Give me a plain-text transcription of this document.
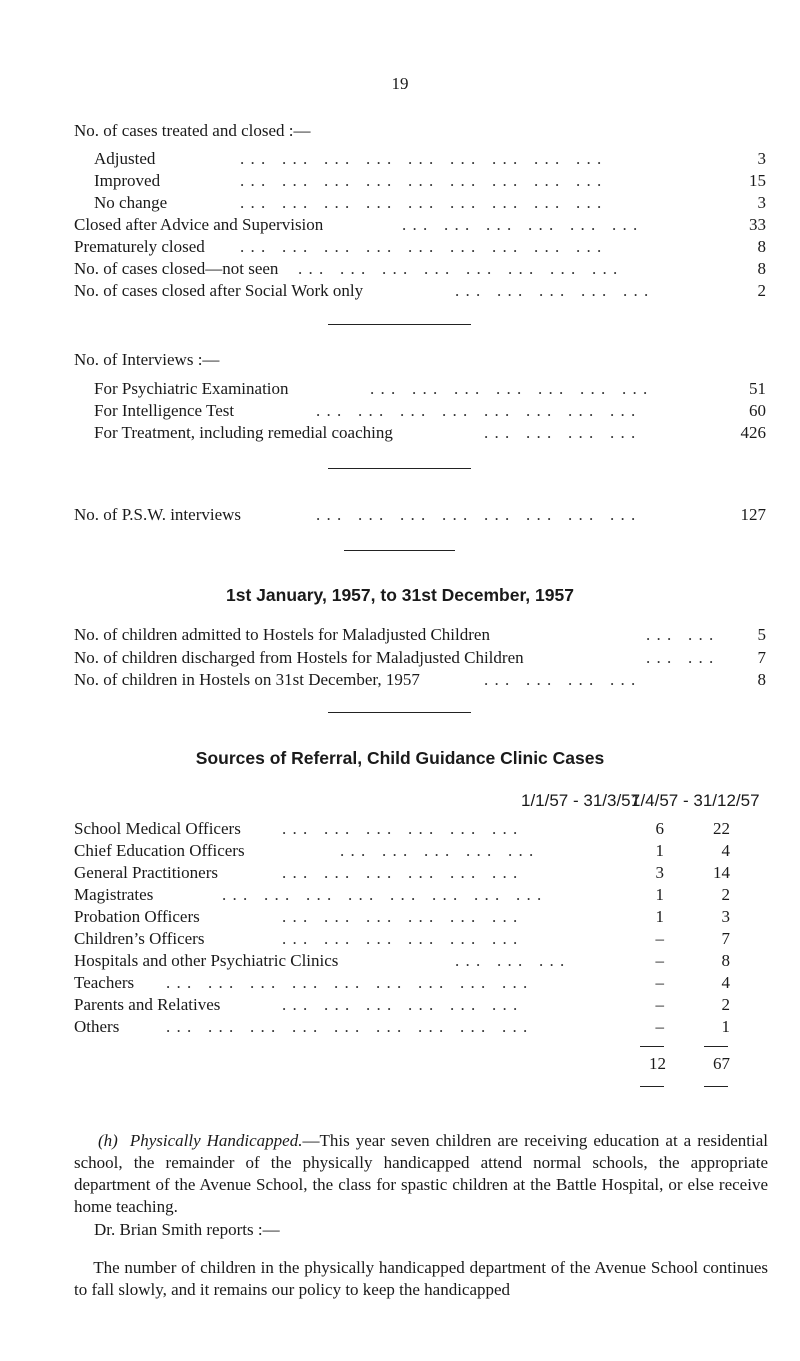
19
No. of cases treated and closed :—
Adjusted	. . .   . . .   . . .   . . .   . . .   . . .   . . .   . . .   . . .	3
Improved	. . .   . . .   . . .   . . .   . . .   . . .   . . .   . . .   . . .	15
No change	. . .   . . .   . . .   . . .   . . .   . . .   . . .   . . .   . . .	3
Closed after Advice and Supervision	. . .   . . .   . . .   . . .   . . .   . . .	33
Prematurely closed . . .   . . .   . . .   . . .   . . .   . . .   . . .   . . .   . . .	8
No. of cases closed—not seen . . .   . . .   . . .   . . .   . . .   . . .   . . .   . . .	8
No. of cases closed after Social Work only	. . .   . . .   . . .   . . .   . . .	2
No. of Interviews :—
For Psychiatric Examination	. . .   . . .   . . .   . . .   . . .   . . .   . . .	51
For Intelligence Test	. . .   . . .   . . .   . . .   . . .   . . .   . . .   . . .	60
For Treatment, including remedial coaching	. . .   . . .   . . .   . . .	426
No. of P.S.W. interviews	. . .   . . .   . . .   . . .   . . .   . . .   . . .   . . .	127
1st January, 1957, to 31st December, 1957
No. of children admitted to Hostels for Maladjusted Children	. . .   . . .	5
No. of children discharged from Hostels for Maladjusted Children	. . .   . . .	7
No. of children in Hostels on 31st December, 1957	. . .   . . .   . . .   . . .	8
Sources of Referral, Child Guidance Clinic Cases
1/1/57 - 31/3/57
1/4/57 - 31/12/57
School Medical Officers . . .   . . .   . . .   . . .   . . .   . . .	6	22
Chief Education Officers	. . .   . . .   . . .   . . .   . . .	1	4
General Practitioners	. . .   . . .   . . .   . . .   . . .   . . .	3	14
Magistrates	. . .   . . .   . . .   . . .   . . .   . . .   . . .   . . .	1	2
Probation Officers	. . .   . . .   . . .   . . .   . . .   . . .	1	3
Children’s Officers	. . .   . . .   . . .   . . .   . . .   . . .	–	7
Hospitals and other Psychiatric Clinics	. . .   . . .   . . .	–	8
Teachers . . .   . . .   . . .   . . .   . . .   . . .   . . .   . . .   . . .	–	4
Parents and Relatives	. . .   . . .   . . .   . . .   . . .   . . .	–	2
Others	. . .   . . .   . . .   . . .   . . .   . . .   . . .   . . .   . . .	–	1
12	67
(h) Physically Handicapped.—This year seven children are receiving education at a residential school, the remainder of the physically handicapped attend normal schools, the appropriate department of the Avenue School, the class for spastic children at the Battle Hospital, or else receive home teaching.
Dr. Brian Smith reports :—
The number of children in the physically handicapped department of the Avenue School continues to fall slowly, and it remains our policy to keep the handicapped
